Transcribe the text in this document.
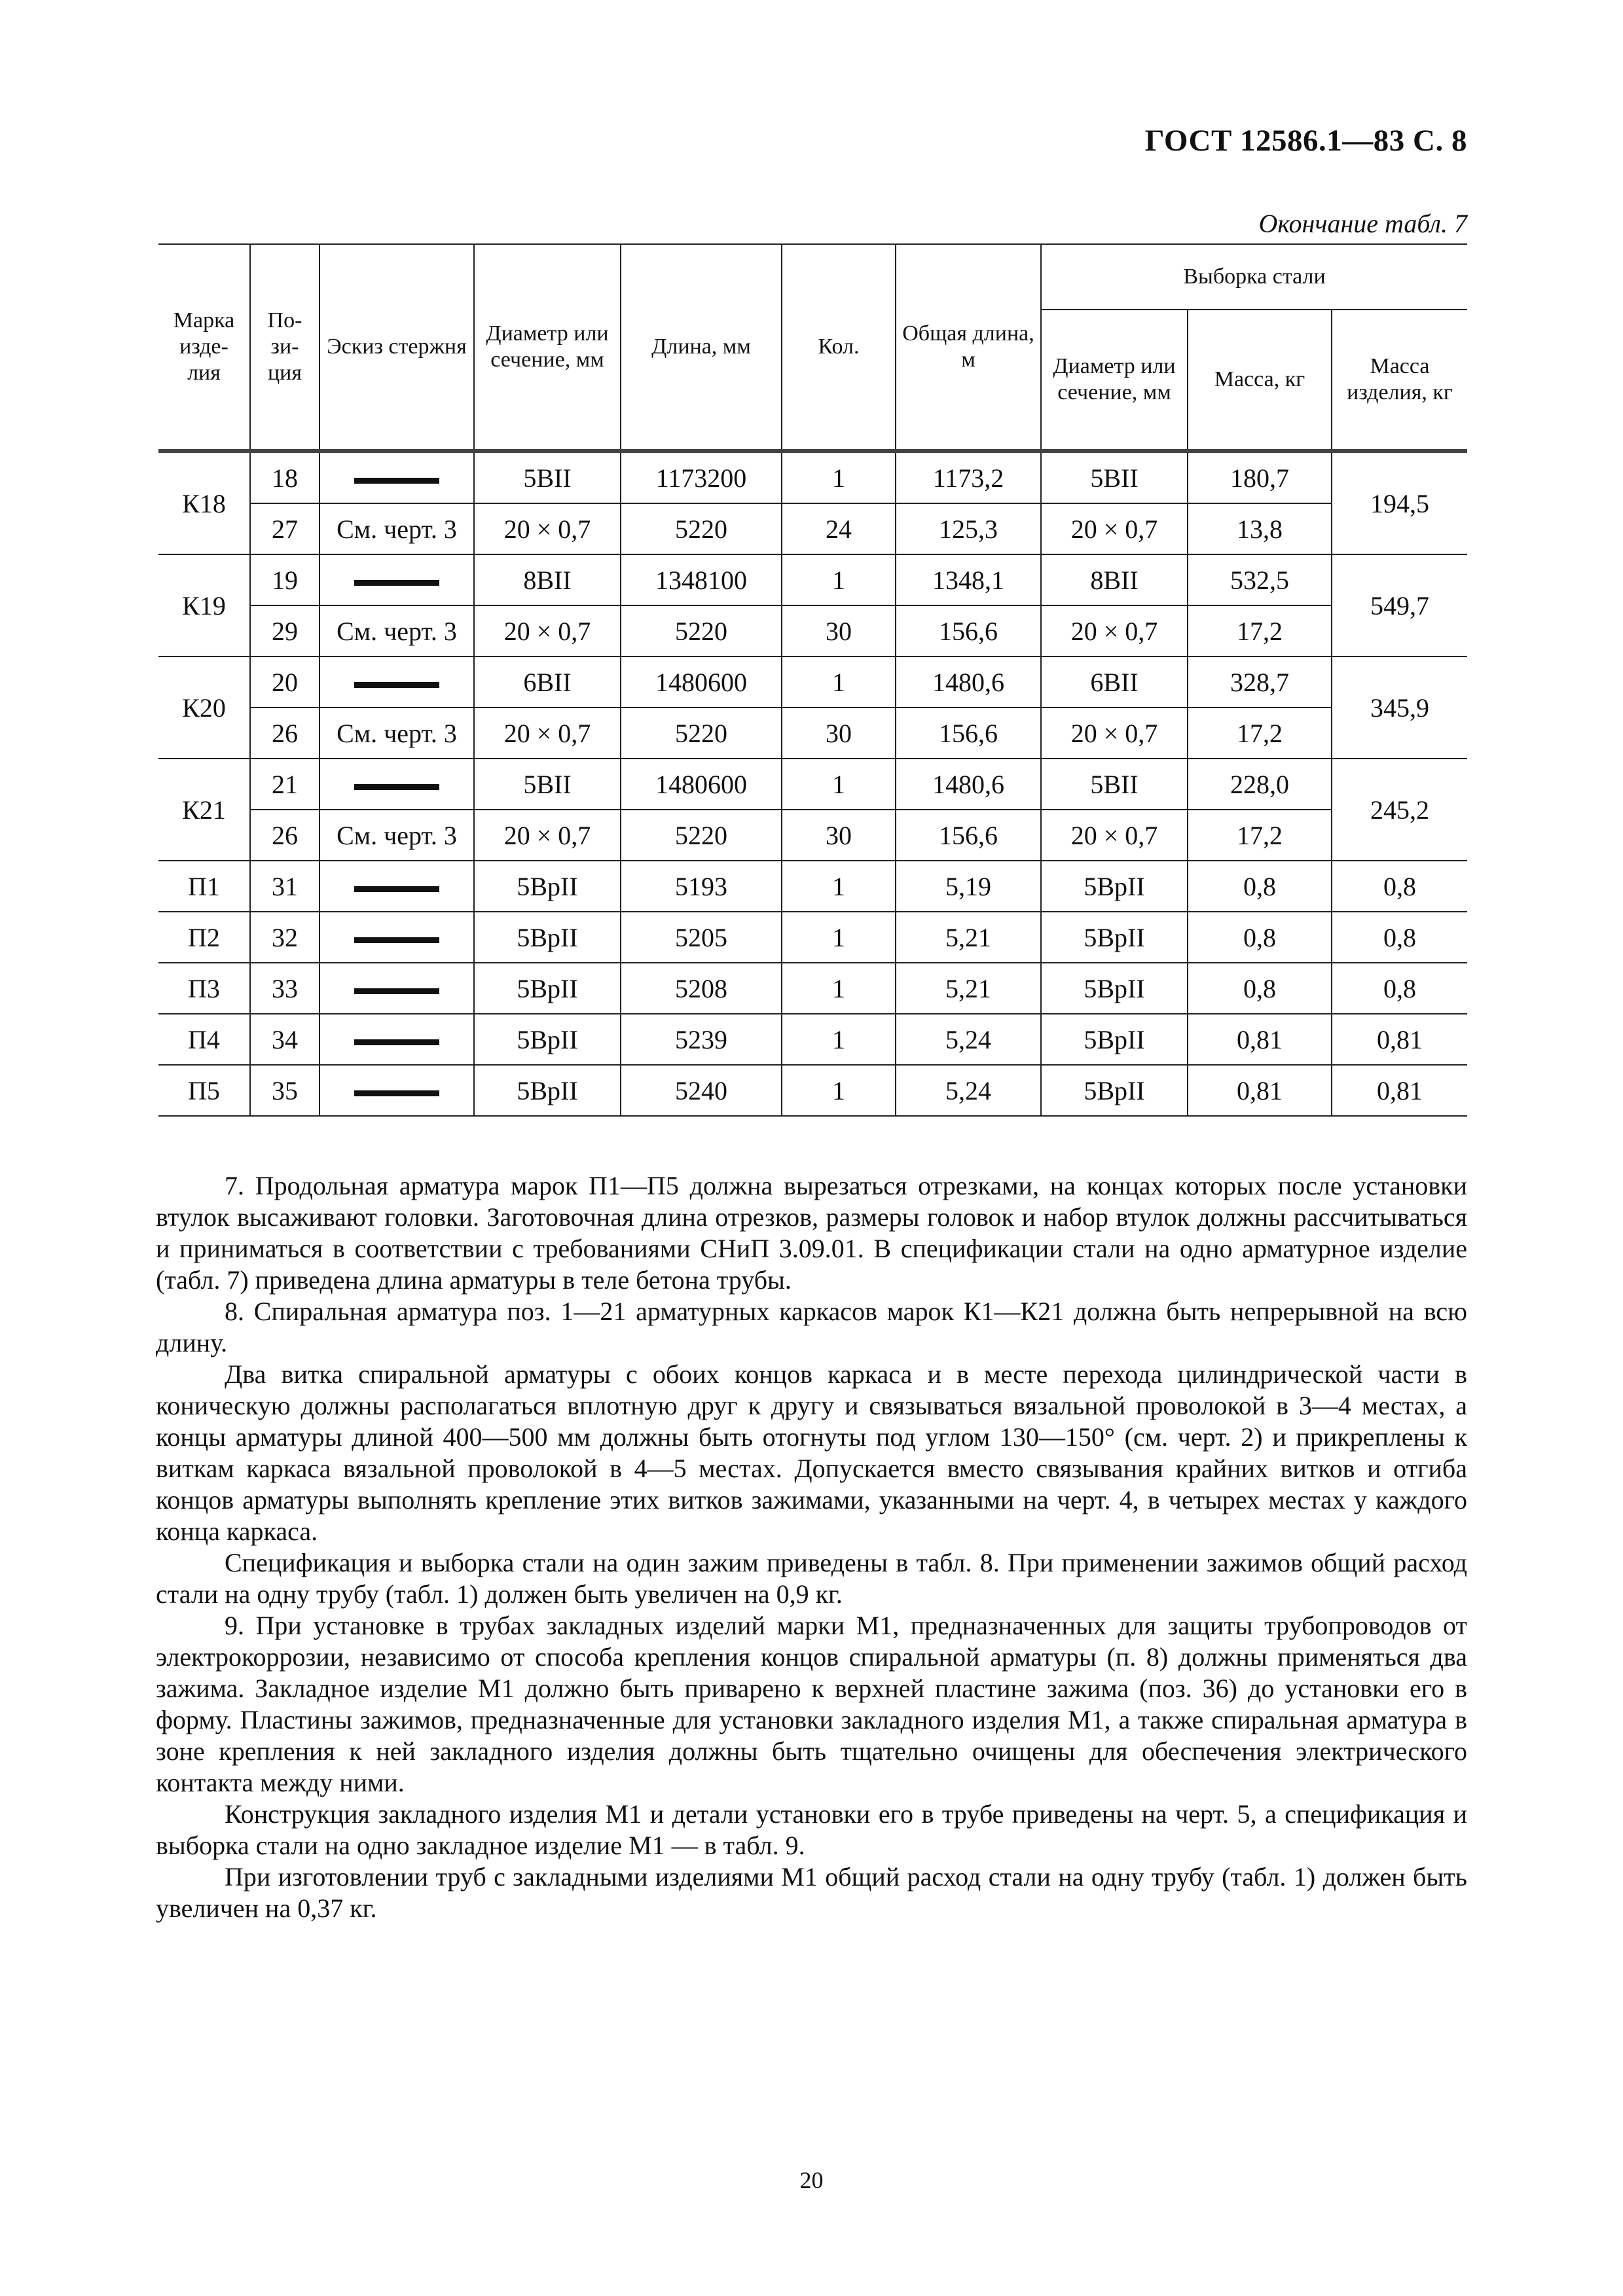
ГОСТ 12586.1—83 С. 8
Окончание табл. 7
Марка изде- лия	По- зи- ция	Эскиз стержня	Диаметр или сечение, мм	Длина, мм	Кол.	Общая длина, м	Выборка стали		
							Диаметр или сечение, мм	Масса, кг	Масса изделия, кг
К18	18		5ВII	1173200	1	1173,2	5ВII	180,7	194,5
	27	См. черт. 3	20 × 0,7	5220	24	125,3	20 × 0,7	13,8	
К19	19		8ВII	1348100	1	1348,1	8ВII	532,5	549,7
	29	См. черт. 3	20 × 0,7	5220	30	156,6	20 × 0,7	17,2	
К20	20		6ВII	1480600	1	1480,6	6ВII	328,7	345,9
	26	См. черт. 3	20 × 0,7	5220	30	156,6	20 × 0,7	17,2	
К21	21		5ВII	1480600	1	1480,6	5ВII	228,0	245,2
	26	См. черт. 3	20 × 0,7	5220	30	156,6	20 × 0,7	17,2	
П1	31		5ВрII	5193	1	5,19	5ВрII	0,8	0,8
П2	32		5ВрII	5205	1	5,21	5ВрII	0,8	0,8
П3	33		5ВрII	5208	1	5,21	5ВрII	0,8	0,8
П4	34		5ВрII	5239	1	5,24	5ВрII	0,81	0,81
П5	35		5ВрII	5240	1	5,24	5ВрII	0,81	0,81

7. Продольная арматура марок П1—П5 должна вырезаться отрезками, на концах которых после установки втулок высаживают головки. Заготовочная длина отрезков, размеры головок и набор втулок должны рассчитываться и приниматься в соответствии с требованиями СНиП 3.09.01. В спецификации стали на одно арматурное изделие (табл. 7) приведена длина арматуры в теле бетона трубы.

8. Спиральная арматура поз. 1—21 арматурных каркасов марок К1—К21 должна быть непрерывной на всю длину.

Два витка спиральной арматуры с обоих концов каркаса и в месте перехода цилиндрической части в коническую должны располагаться вплотную друг к другу и связываться вязальной проволокой в 3—4 местах, а концы арматуры длиной 400—500 мм должны быть отогнуты под углом 130—150° (см. черт. 2) и прикреплены к виткам каркаса вязальной проволокой в 4—5 местах. Допускается вместо связывания крайних витков и отгиба концов арматуры выполнять крепление этих витков зажимами, указанными на черт. 4, в четырех местах у каждого конца каркаса.

Спецификация и выборка стали на один зажим приведены в табл. 8. При применении зажимов общий расход стали на одну трубу (табл. 1) должен быть увеличен на 0,9 кг.

9. При установке в трубах закладных изделий марки М1, предназначенных для защиты трубопроводов от электрокоррозии, независимо от способа крепления концов спиральной арматуры (п. 8) должны применяться два зажима. Закладное изделие М1 должно быть приварено к верхней пластине зажима (поз. 36) до установки его в форму. Пластины зажимов, предназначенные для установки закладного изделия М1, а также спиральная арматура в зоне крепления к ней закладного изделия должны быть тщательно очищены для обеспечения электрического контакта между ними.

Конструкция закладного изделия М1 и детали установки его в трубе приведены на черт. 5, а спецификация и выборка стали на одно закладное изделие М1 — в табл. 9.

При изготовлении труб с закладными изделиями М1 общий расход стали на одну трубу (табл. 1) должен быть увеличен на 0,37 кг.

20
